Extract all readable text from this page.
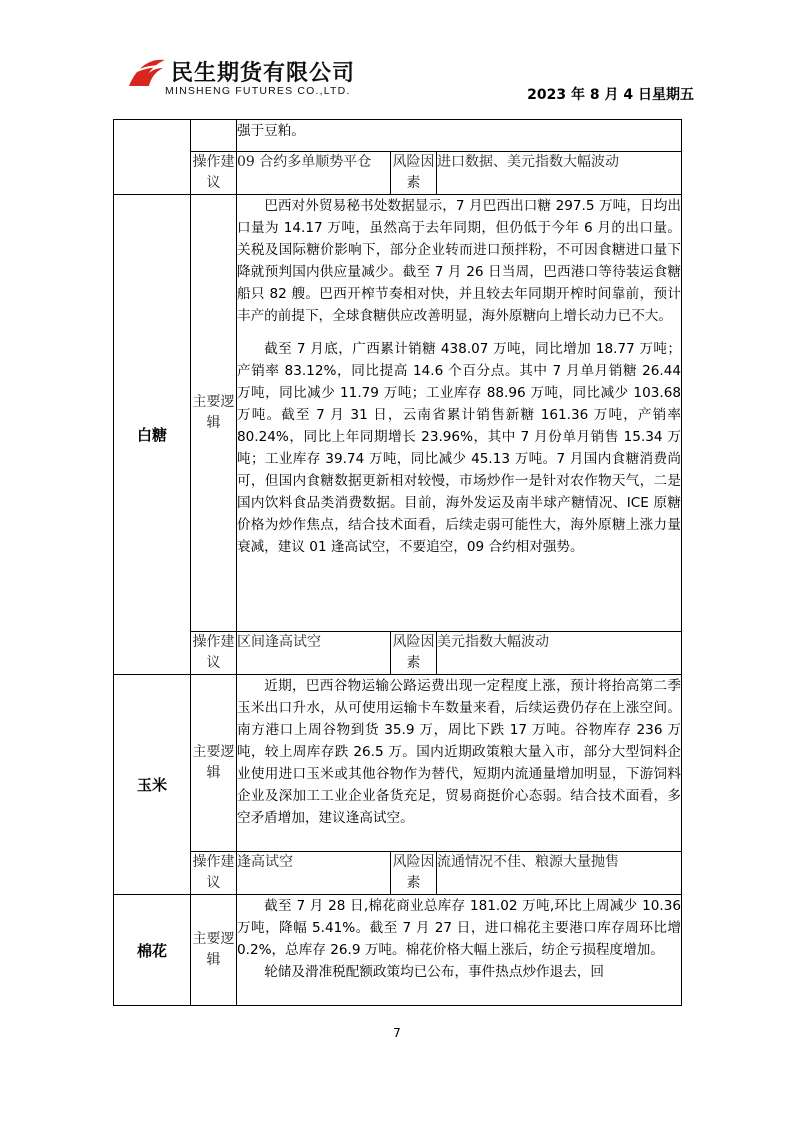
民生期货有限公司
MINSHENG FUTURES CO.,LTD.	2023 年 8 月 4 日星期五

		强于豆粕。		

	操作建议	09 合约多单顺势平仓	风险因素	进口数据、美元指数大幅波动
白糖	主要逻辑	巴西对外贸易秘书处数据显示，7 月巴西出口糖 297.5 万吨，日均出口量为 14.17 万吨，虽然高于去年同期，但仍低于今年 6 月的出口量。关税及国际糖价影响下，部分企业转而进口预拌粉，不可因食糖进口量下降就预判国内供应量减少。截至 7 月 26 日当周，巴西港口等待装运食糖船只 82 艘。巴西开榨节奏相对快，并且较去年同期开榨时间靠前，预计丰产的前提下，全球食糖供应改善明显，海外原糖向上增长动力已不大。

截至 7 月底，广西累计销糖 438.07 万吨，同比增加 18.77 万吨；产销率 83.12%，同比提高 14.6 个百分点。其中 7 月单月销糖 26.44 万吨，同比减少 11.79 万吨；工业库存 88.96 万吨，同比减少 103.68 万吨。截至 7 月 31 日，云南省累计销售新糖 161.36 万吨，产销率 80.24%，同比上年同期增长 23.96%，其中 7 月份单月销售 15.34 万吨；工业库存 39.74 万吨，同比减少 45.13 万吨。7 月国内食糖消费尚可，但国内食糖数据更新相对较慢，市场炒作一是针对农作物天气，二是国内饮料食品类消费数据。目前，海外发运及南半球产糖情况、ICE 原糖价格为炒作焦点，结合技术面看，后续走弱可能性大，海外原糖上涨力量衰减，建议 01 逢高试空，不要追空，09 合约相对强势。		

	操作建议	区间逢高试空	风险因素	美元指数大幅波动
玉米	主要逻辑	近期，巴西谷物运输公路运费出现一定程度上涨，预计将抬高第二季玉米出口升水，从可使用运输卡车数量来看，后续运费仍存在上涨空间。南方港口上周谷物到货 35.9 万，周比下跌 17 万吨。谷物库存 236 万吨，较上周库存跌 26.5 万。国内近期政策粮大量入市，部分大型饲料企业使用进口玉米或其他谷物作为替代，短期内流通量增加明显，下游饲料企业及深加工工业企业备货充足，贸易商挺价心态弱。结合技术面看，多空矛盾增加，建议逢高试空。		

	操作建议	逢高试空	风险因素	流通情况不佳、粮源大量抛售
棉花	主要逻辑	截至 7 月 28 日,棉花商业总库存 181.02 万吨,环比上周减少 10.36 万吨，降幅 5.41%。截至 7 月 27 日，进口棉花主要港口库存周环比增 0.2%，总库存 26.9 万吨。棉花价格大幅上涨后，纺企亏损程度增加。

轮储及滑准税配额政策均已公布，事件热点炒作退去，回		

7
